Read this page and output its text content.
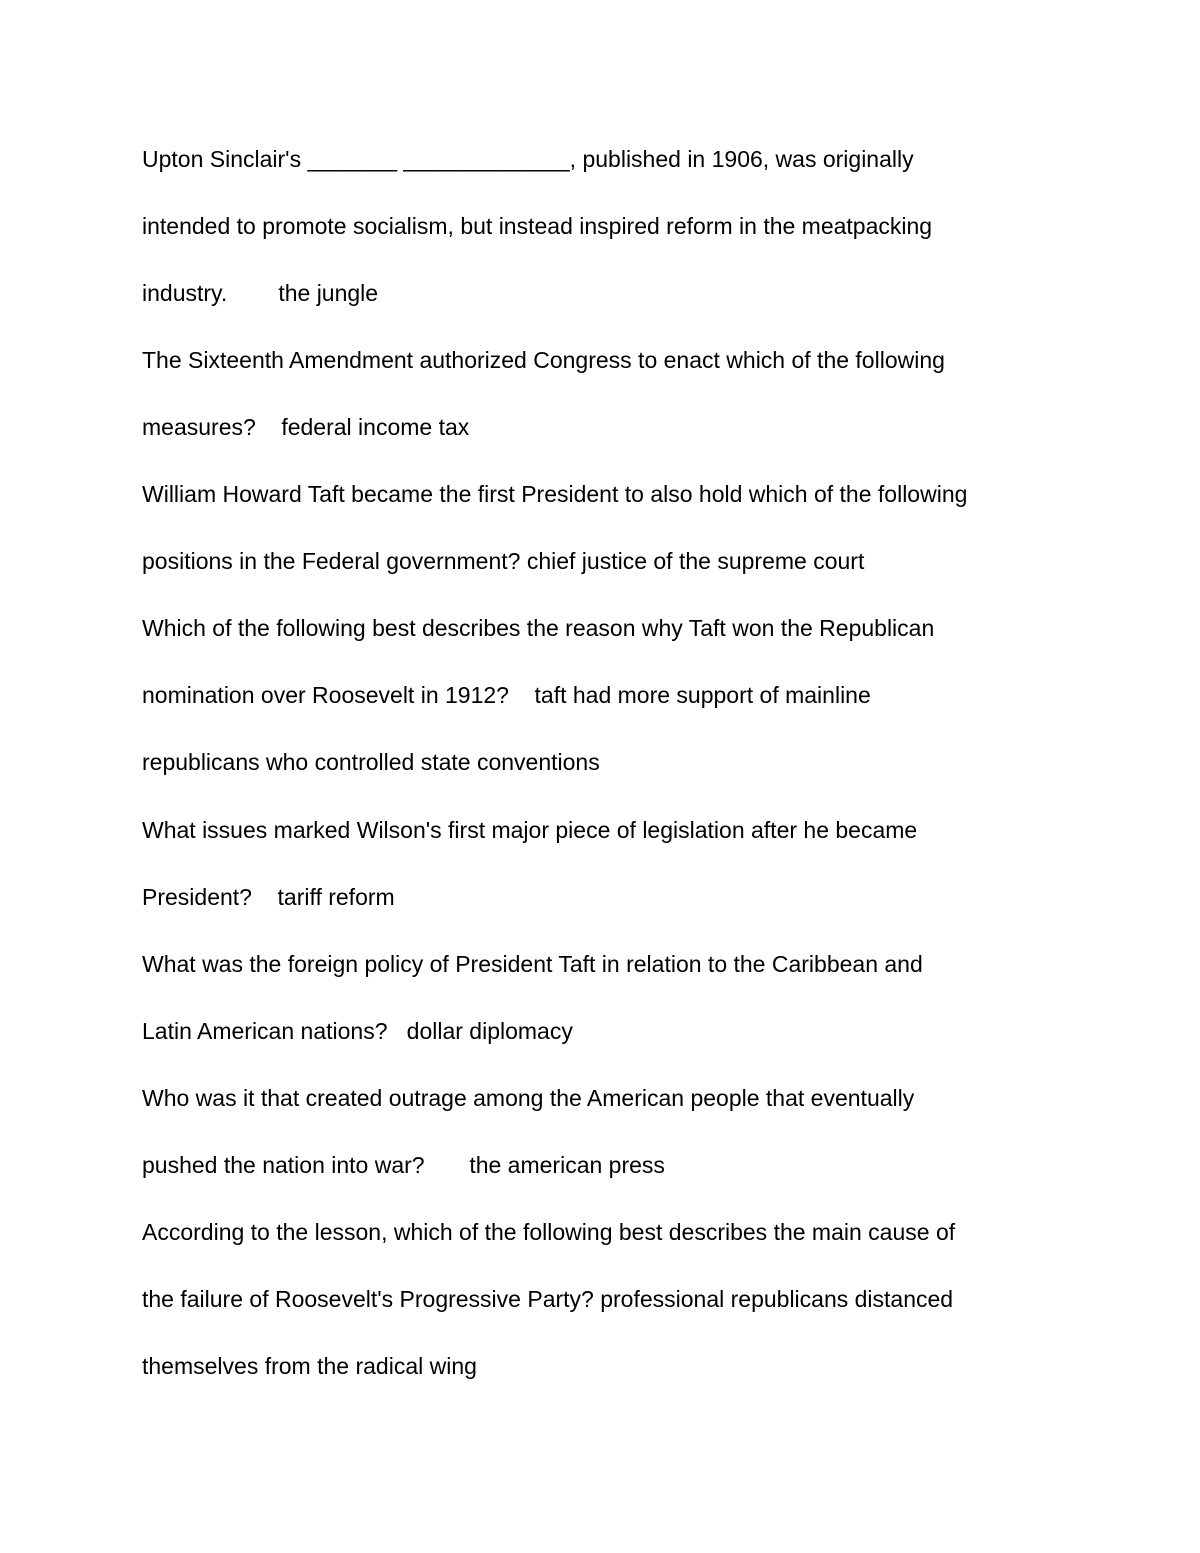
Upton Sinclair's _______ _____________, published in 1906, was originally
intended to promote socialism, but instead inspired reform in the meatpacking
industry.        the jungle
The Sixteenth Amendment authorized Congress to enact which of the following
measures?    federal income tax
William Howard Taft became the first President to also hold which of the following
positions in the Federal government? chief justice of the supreme court
Which of the following best describes the reason why Taft won the Republican
nomination over Roosevelt in 1912?    taft had more support of mainline
republicans who controlled state conventions
What issues marked Wilson's first major piece of legislation after he became
President?    tariff reform
What was the foreign policy of President Taft in relation to the Caribbean and
Latin American nations?   dollar diplomacy
Who was it that created outrage among the American people that eventually
pushed the nation into war?       the american press
According to the lesson, which of the following best describes the main cause of
the failure of Roosevelt's Progressive Party? professional republicans distanced
themselves from the radical wing
